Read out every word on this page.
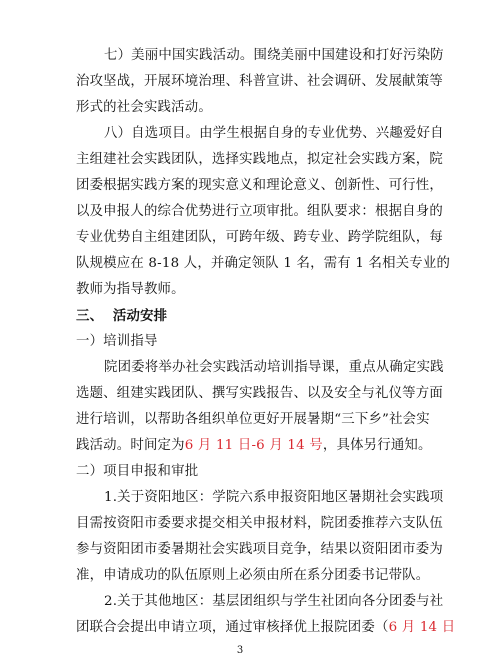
七）美丽中国实践活动。围绕美丽中国建设和打好污染防
治攻坚战，开展环境治理、科普宣讲、社会调研、发展献策等
形式的社会实践活动。
八）自选项目。由学生根据自身的专业优势、兴趣爱好自
主组建社会实践团队，选择实践地点，拟定社会实践方案，院
团委根据实践方案的现实意义和理论意义、创新性、可行性，
以及申报人的综合优势进行立项审批。组队要求：根据自身的
专业优势自主组建团队，可跨年级、跨专业、跨学院组队，每
队规模应在 8-18 人，并确定领队 1 名，需有 1 名相关专业的
教师为指导教师。
三、  活动安排
一）培训指导
院团委将举办社会实践活动培训指导课，重点从确定实践
选题、组建实践团队、撰写实践报告、以及安全与礼仪等方面
进行培训，以帮助各组织单位更好开展暑期“三下乡”社会实
践活动。时间定为6 月 11 日-6 月 14 号，具体另行通知。
二）项目申报和审批
1.关于资阳地区：学院六系申报资阳地区暑期社会实践项
目需按资阳市委要求提交相关申报材料，院团委推荐六支队伍
参与资阳团市委暑期社会实践项目竞争，结果以资阳团市委为
准，申请成功的队伍原则上必须由所在系分团委书记带队。
2.关于其他地区：基层团组织与学生社团向各分团委与社
团联合会提出申请立项，通过审核择优上报院团委（6 月 14 日
3
